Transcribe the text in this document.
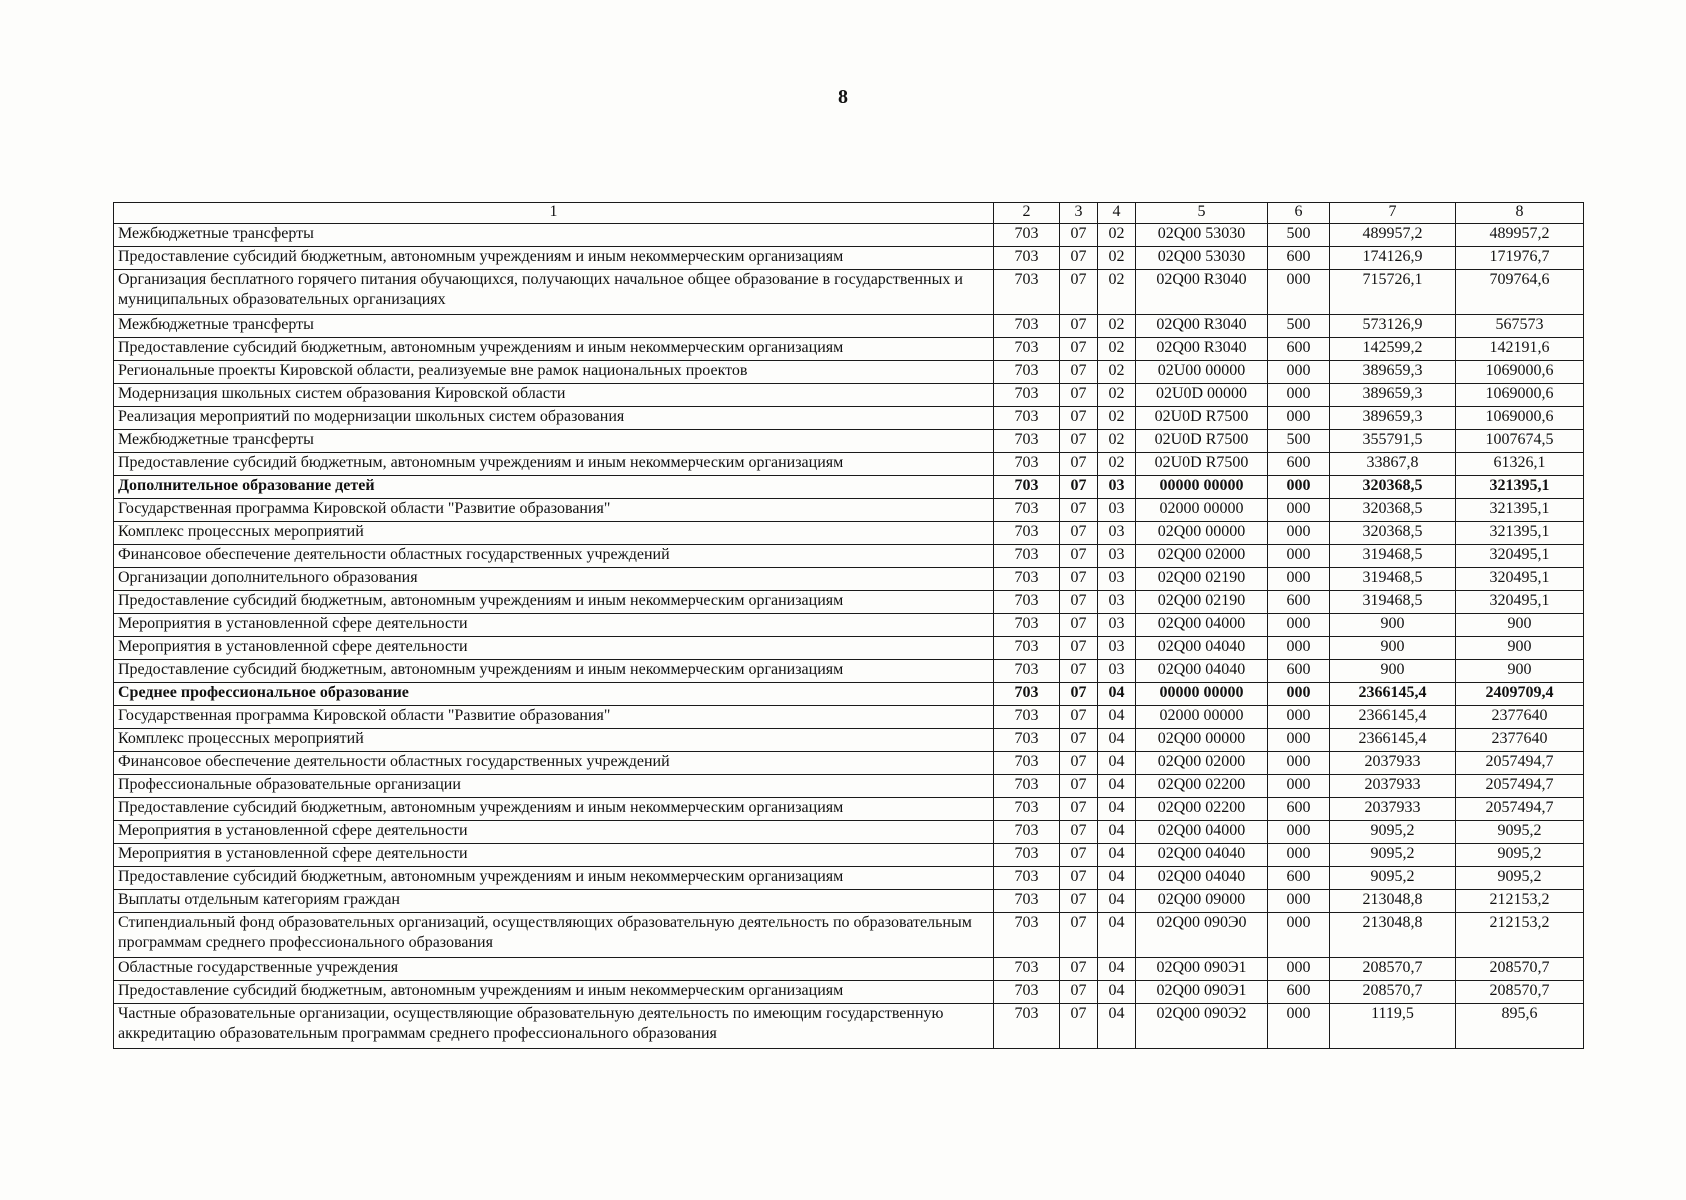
8
1	2	3	4	5	6	7	8
Межбюджетные трансферты	703	07	02	02Q00 53030	500	489957,2	489957,2
Предоставление субсидий бюджетным, автономным учреждениям и иным некоммерческим организациям	703	07	02	02Q00 53030	600	174126,9	171976,7
Организация бесплатного горячего питания обучающихся, получающих начальное общее образование в государственных и муниципальных образовательных организациях	703	07	02	02Q00 R3040	000	715726,1	709764,6
Межбюджетные трансферты	703	07	02	02Q00 R3040	500	573126,9	567573
Предоставление субсидий бюджетным, автономным учреждениям и иным некоммерческим организациям	703	07	02	02Q00 R3040	600	142599,2	142191,6
Региональные проекты Кировской области, реализуемые вне рамок национальных проектов	703	07	02	02U00 00000	000	389659,3	1069000,6
Модернизация школьных систем образования Кировской области	703	07	02	02U0D 00000	000	389659,3	1069000,6
Реализация мероприятий по модернизации школьных систем образования	703	07	02	02U0D R7500	000	389659,3	1069000,6
Межбюджетные трансферты	703	07	02	02U0D R7500	500	355791,5	1007674,5
Предоставление субсидий бюджетным, автономным учреждениям и иным некоммерческим организациям	703	07	02	02U0D R7500	600	33867,8	61326,1
Дополнительное образование детей	703	07	03	00000 00000	000	320368,5	321395,1
Государственная программа Кировской области "Развитие образования"	703	07	03	02000 00000	000	320368,5	321395,1
Комплекс процессных мероприятий	703	07	03	02Q00 00000	000	320368,5	321395,1
Финансовое обеспечение деятельности областных государственных учреждений	703	07	03	02Q00 02000	000	319468,5	320495,1
Организации дополнительного образования	703	07	03	02Q00 02190	000	319468,5	320495,1
Предоставление субсидий бюджетным, автономным учреждениям и иным некоммерческим организациям	703	07	03	02Q00 02190	600	319468,5	320495,1
Мероприятия в установленной сфере деятельности	703	07	03	02Q00 04000	000	900	900
Мероприятия в установленной сфере деятельности	703	07	03	02Q00 04040	000	900	900
Предоставление субсидий бюджетным, автономным учреждениям и иным некоммерческим организациям	703	07	03	02Q00 04040	600	900	900
Среднее профессиональное образование	703	07	04	00000 00000	000	2366145,4	2409709,4
Государственная программа Кировской области "Развитие образования"	703	07	04	02000 00000	000	2366145,4	2377640
Комплекс процессных мероприятий	703	07	04	02Q00 00000	000	2366145,4	2377640
Финансовое обеспечение деятельности областных государственных учреждений	703	07	04	02Q00 02000	000	2037933	2057494,7
Профессиональные образовательные организации	703	07	04	02Q00 02200	000	2037933	2057494,7
Предоставление субсидий бюджетным, автономным учреждениям и иным некоммерческим организациям	703	07	04	02Q00 02200	600	2037933	2057494,7
Мероприятия в установленной сфере деятельности	703	07	04	02Q00 04000	000	9095,2	9095,2
Мероприятия в установленной сфере деятельности	703	07	04	02Q00 04040	000	9095,2	9095,2
Предоставление субсидий бюджетным, автономным учреждениям и иным некоммерческим организациям	703	07	04	02Q00 04040	600	9095,2	9095,2
Выплаты отдельным категориям граждан	703	07	04	02Q00 09000	000	213048,8	212153,2
Стипендиальный фонд образовательных организаций, осуществляющих образовательную деятельность по образовательным программам среднего профессионального образования	703	07	04	02Q00 090Э0	000	213048,8	212153,2
Областные государственные учреждения	703	07	04	02Q00 090Э1	000	208570,7	208570,7
Предоставление субсидий бюджетным, автономным учреждениям и иным некоммерческим организациям	703	07	04	02Q00 090Э1	600	208570,7	208570,7
Частные образовательные организации, осуществляющие образовательную деятельность по имеющим государственную аккредитацию образовательным программам среднего профессионального образования	703	07	04	02Q00 090Э2	000	1119,5	895,6
